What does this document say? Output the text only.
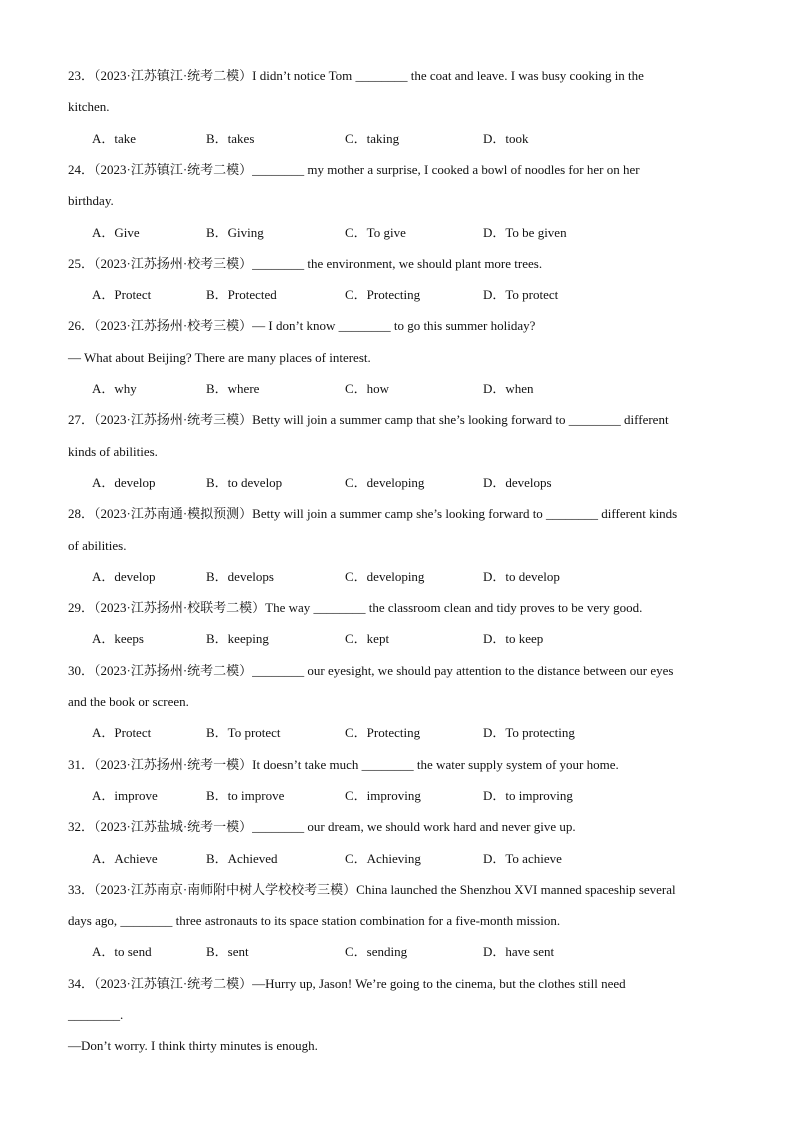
23．（2023·江苏镇江·统考二模）I didn’t notice Tom ________ the coat and leave. I was busy cooking in the
kitchen.
A．take	B．takes	C．taking	D．took
24．（2023·江苏镇江·统考二模）________ my mother a surprise, I cooked a bowl of noodles for her on her
birthday.
A．Give	B．Giving	C．To give	D．To be given
25．（2023·江苏扬州·校考三模）________ the environment, we should plant more trees.
A．Protect	B．Protected	C．Protecting	D．To protect
26．（2023·江苏扬州·校考三模）— I don’t know ________ to go this summer holiday?
— What about Beijing? There are many places of interest.
A．why	B．where	C．how	D．when
27．（2023·江苏扬州·统考三模）Betty will join a summer camp that she’s looking forward to ________ different
kinds of abilities.
A．develop	B．to develop	C．developing	D．develops
28．（2023·江苏南通·模拟预测）Betty will join a summer camp she’s looking forward to ________ different kinds
of abilities.
A．develop	B．develops	C．developing	D．to develop
29．（2023·江苏扬州·校联考二模）The way ________ the classroom clean and tidy proves to be very good.
A．keeps	B．keeping	C．kept	D．to keep
30．（2023·江苏扬州·统考二模）________ our eyesight, we should pay attention to the distance between our eyes
and the book or screen.
A．Protect	B．To protect	C．Protecting	D．To protecting
31．（2023·江苏扬州·统考一模）It doesn’t take much ________ the water supply system of your home.
A．improve	B．to improve	C．improving	D．to improving
32．（2023·江苏盐城·统考一模）________ our dream, we should work hard and never give up.
A．Achieve	B．Achieved	C．Achieving	D．To achieve
33．（2023·江苏南京·南师附中树人学校校考三模）China launched the Shenzhou XVI manned spaceship several
days ago, ________ three astronauts to its space station combination for a five-month mission.
A．to send	B．sent	C．sending	D．have sent
34．（2023·江苏镇江·统考二模）—Hurry up, Jason! We’re going to the cinema, but the clothes still need
________.
—Don’t worry. I think thirty minutes is enough.
